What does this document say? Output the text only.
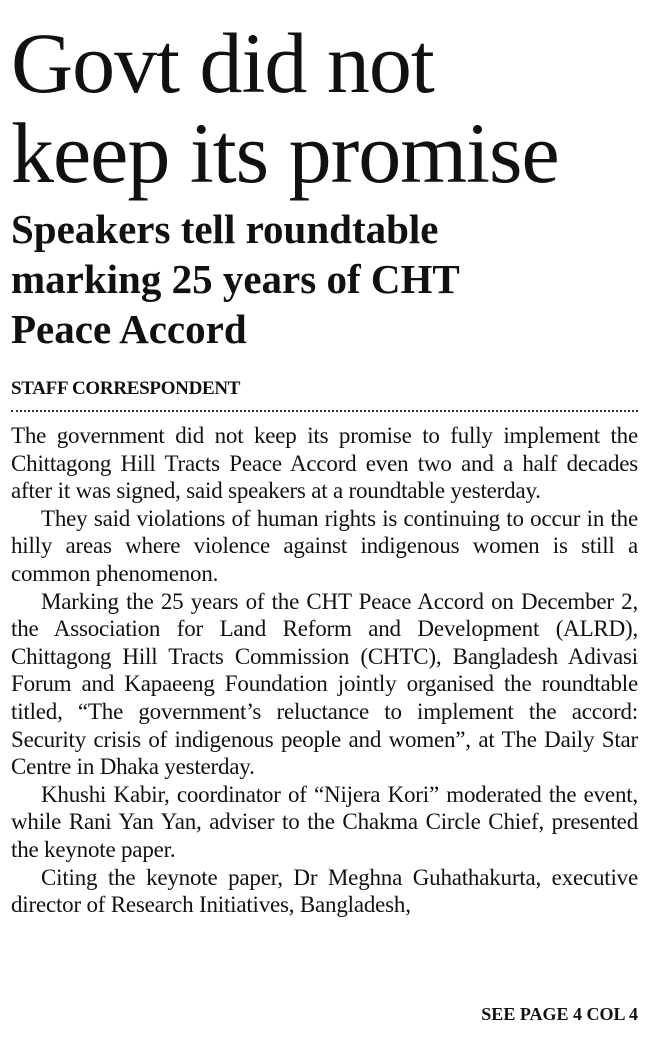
Govt did not
keep its promise
Speakers tell roundtable
marking 25 years of CHT
Peace Accord
STAFF CORRESPONDENT

The government did not keep its promise to fully implement the Chittagong Hill Tracts Peace Accord even two and a half decades after it was signed, said speakers at a roundtable yesterday.

They said violations of human rights is continuing to occur in the hilly areas where violence against indigenous women is still a common phenomenon.

Marking the 25 years of the CHT Peace Accord on December 2, the Association for Land Reform and Development (ALRD), Chittagong Hill Tracts Commission (CHTC), Bangladesh Adivasi Forum and Kapaeeng Foundation jointly organised the roundtable titled, “The government’s reluctance to implement the accord: Security crisis of indigenous people and women”, at The Daily Star Centre in Dhaka yesterday.

Khushi Kabir, coordinator of “Nijera Kori” moderated the event, while Rani Yan Yan, adviser to the Chakma Circle Chief, presented the keynote paper.

Citing the keynote paper, Dr Meghna Guhathakurta, executive director of Research Initiatives, Bangladesh,

SEE PAGE 4 COL 4
